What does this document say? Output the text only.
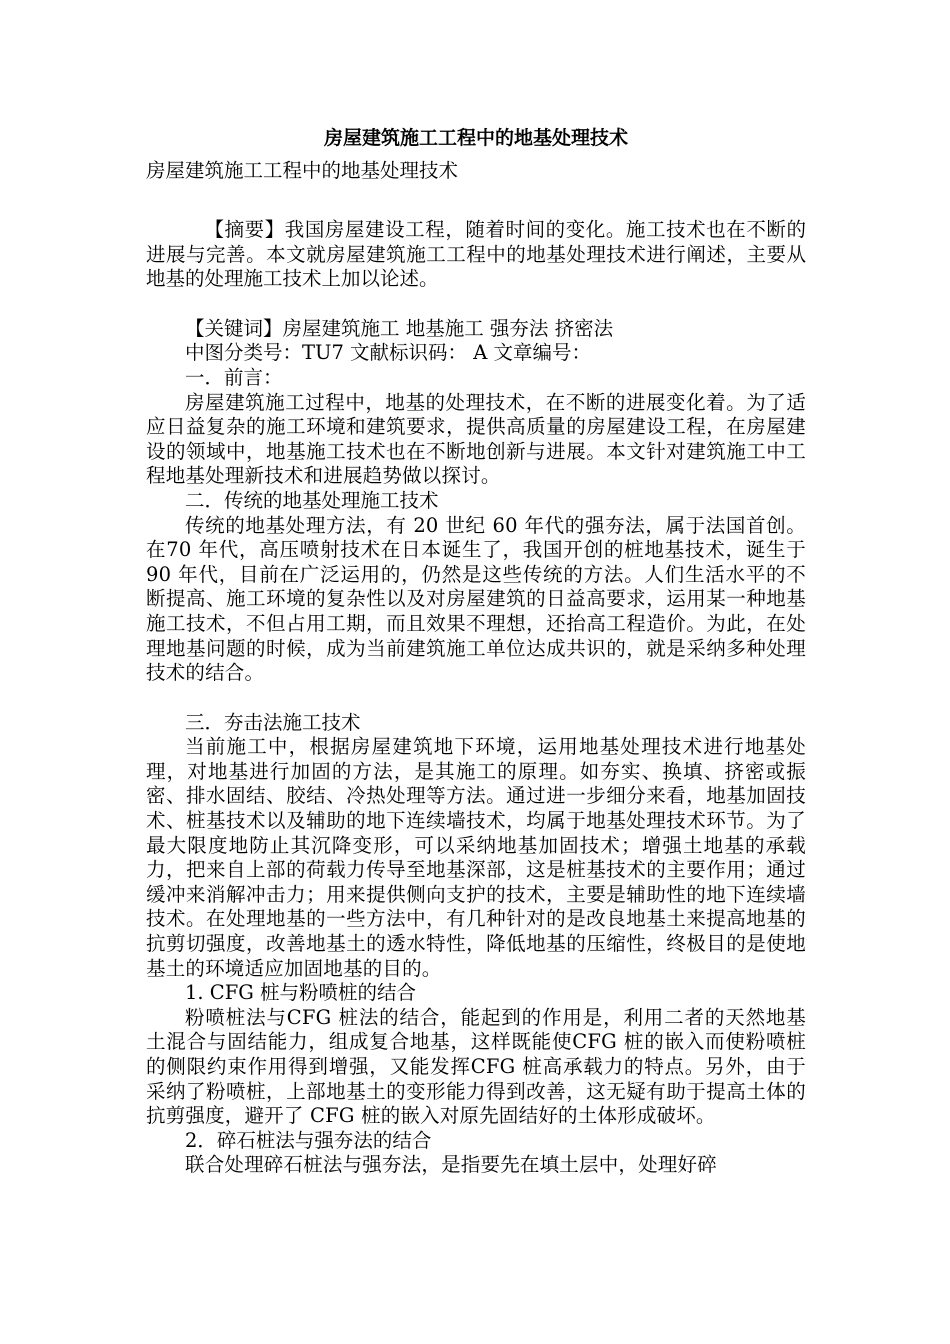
房屋建筑施工工程中的地基处理技术

房屋建筑施工工程中的地基处理技术

【摘要】我国房屋建设工程，随着时间的变化。施工技术也在不断的进展与完善。本文就房屋建筑施工工程中的地基处理技术进行阐述，主要从地基的处理施工技术上加以论述。

【关键词】房屋建筑施工 地基施工 强夯法 挤密法

中图分类号：TU7 文献标识码： A 文章编号：

一．前言：

房屋建筑施工过程中，地基的处理技术，在不断的进展变化着。为了适应日益复杂的施工环境和建筑要求，提供高质量的房屋建设工程，在房屋建设的领域中，地基施工技术也在不断地创新与进展。本文针对建筑施工中工程地基处理新技术和进展趋势做以探讨。

二．传统的地基处理施工技术

传统的地基处理方法，有 20 世纪 60 年代的强夯法，属于法国首创。在70 年代，高压喷射技术在日本诞生了，我国开创的桩地基技术，诞生于90 年代，目前在广泛运用的，仍然是这些传统的方法。人们生活水平的不断提高、施工环境的复杂性以及对房屋建筑的日益高要求，运用某一种地基施工技术，不但占用工期，而且效果不理想，还抬高工程造价。为此，在处理地基问题的时候，成为当前建筑施工单位达成共识的，就是采纳多种处理技术的结合。

三．夯击法施工技术

当前施工中，根据房屋建筑地下环境，运用地基处理技术进行地基处理，对地基进行加固的方法，是其施工的原理。如夯实、换填、挤密或振密、排水固结、胶结、冷热处理等方法。通过进一步细分来看，地基加固技术、桩基技术以及辅助的地下连续墙技术，均属于地基处理技术环节。为了最大限度地防止其沉降变形，可以采纳地基加固技术；增强土地基的承载力，把来自上部的荷载力传导至地基深部，这是桩基技术的主要作用；通过缓冲来消解冲击力；用来提供侧向支护的技术，主要是辅助性的地下连续墙技术。在处理地基的一些方法中，有几种针对的是改良地基土来提高地基的抗剪切强度，改善地基土的透水特性，降低地基的压缩性，终极目的是使地基土的环境适应加固地基的目的。

1. CFG 桩与粉喷桩的结合

粉喷桩法与CFG 桩法的结合，能起到的作用是，利用二者的天然地基土混合与固结能力，组成复合地基，这样既能使CFG 桩的嵌入而使粉喷桩的侧限约束作用得到增强，又能发挥CFG 桩高承载力的特点。另外，由于采纳了粉喷桩，上部地基土的变形能力得到改善，这无疑有助于提高土体的抗剪强度，避开了 CFG 桩的嵌入对原先固结好的土体形成破坏。

2．碎石桩法与强夯法的结合

联合处理碎石桩法与强夯法，是指要先在填土层中，处理好碎
